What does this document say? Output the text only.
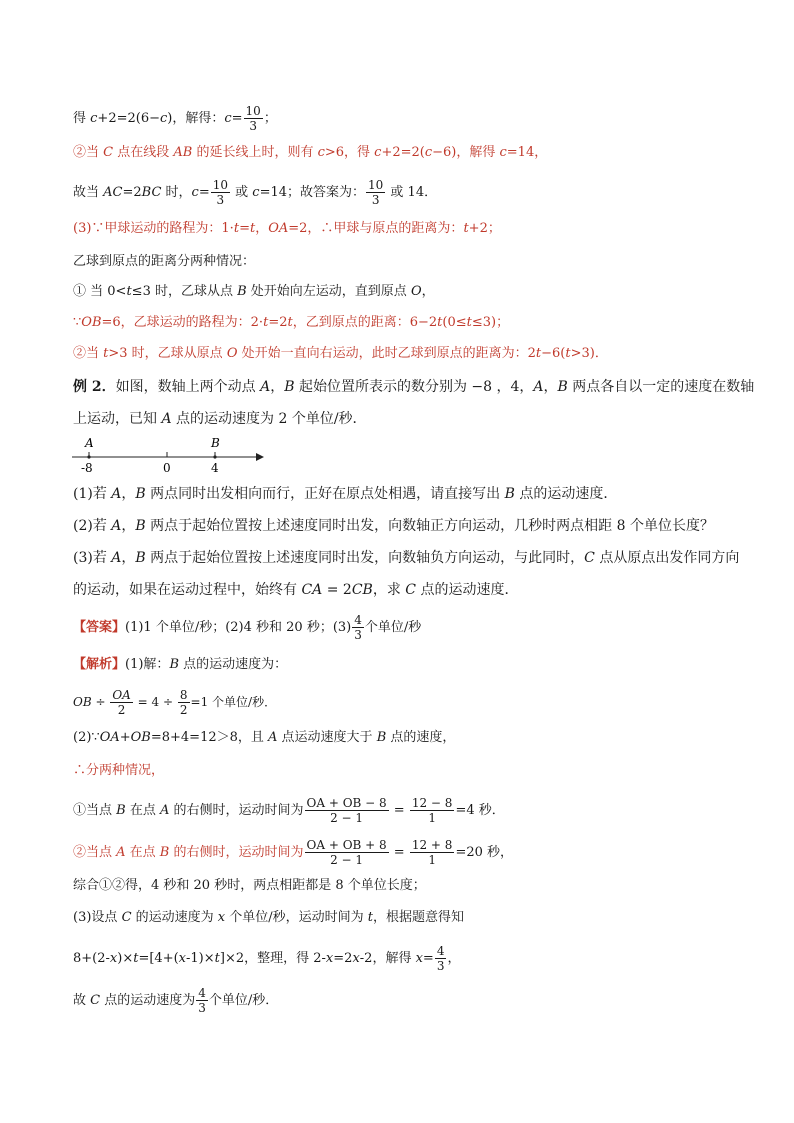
得 c+2=2(6−c)，解得：$c= \frac{10}{3}$ ；
②当 C 点在线段 AB 的延长线上时，则有 c>6，得 c+2=2(c−6)，解得 c=14，
故当 AC=2BC 时，$c= \frac{10}{3}$ 或 c=14；故答案为： $\frac{10}{3}$ 或 14．
(3)∵甲球运动的路程为：1·t=t，OA=2，∴甲球与原点的距离为：t+2；
乙球到原点的距离分两种情况：
① 当 0<t≤3 时，乙球从点 B 处开始向左运动，直到原点 O，
∵OB=6，乙球运动的路程为：2·t=2t，乙到原点的距离：6−2t(0≤t≤3)；
②当 t>3 时，乙球从原点 O 处开始一直向右运动，此时乙球到原点的距离为：2t−6(t>3)．
例 2．如图，数轴上两个动点 A，B 起始位置所表示的数分别为 −8 ，4，A，B 两点各自以一定的速度在数轴
上运动，已知 A 点的运动速度为 2 个单位/秒．
A	B
-8	0	4
(1)若 A，B 两点同时出发相向而行，正好在原点处相遇，请直接写出 B 点的运动速度．
(2)若 A，B 两点于起始位置按上述速度同时出发，向数轴正方向运动，几秒时两点相距 8 个单位长度？
(3)若 A，B 两点于起始位置按上述速度同时出发，向数轴负方向运动，与此同时，C 点从原点出发作同方向
的运动，如果在运动过程中，始终有 CA = 2CB，求 C 点的运动速度．
【答案】(1)1 个单位/秒；(2)4 秒和 20 秒；$(3) \frac{4}{3}$ 个单位/秒
【解析】(1)解：B 点的运动速度为：
OB ÷ $\frac{OA}{2} = 4 \div \frac{8}{2} =1$ 个单位/秒．
(2)∵OA+OB=8+4=12＞8，且 A 点运动速度大于 B 点的速度，
∴分两种情况，
①当点 B 在点 A 的右侧时，运动时间为 $\frac{OA + OB - 8}{2 - 1} = \frac{12 - 8}{1} =4$ 秒．
②当点 A 在点 B 的右侧时，运动时间为 $\frac{OA + OB + 8}{2 - 1} = \frac{12 + 8}{1} =20$ 秒，
综合①②得，4 秒和 20 秒时，两点相距都是 8 个单位长度；
(3)设点 C 的运动速度为 x 个单位/秒，运动时间为 t，根据题意得知
8+(2-x)×t=[4+(x-1)×t]×2，整理，得 2-x=2x-2，解得 $x= \frac{4}{3}$ ，
故 C 点的运动速度为 $\frac{4}{3}$ 个单位/秒．
